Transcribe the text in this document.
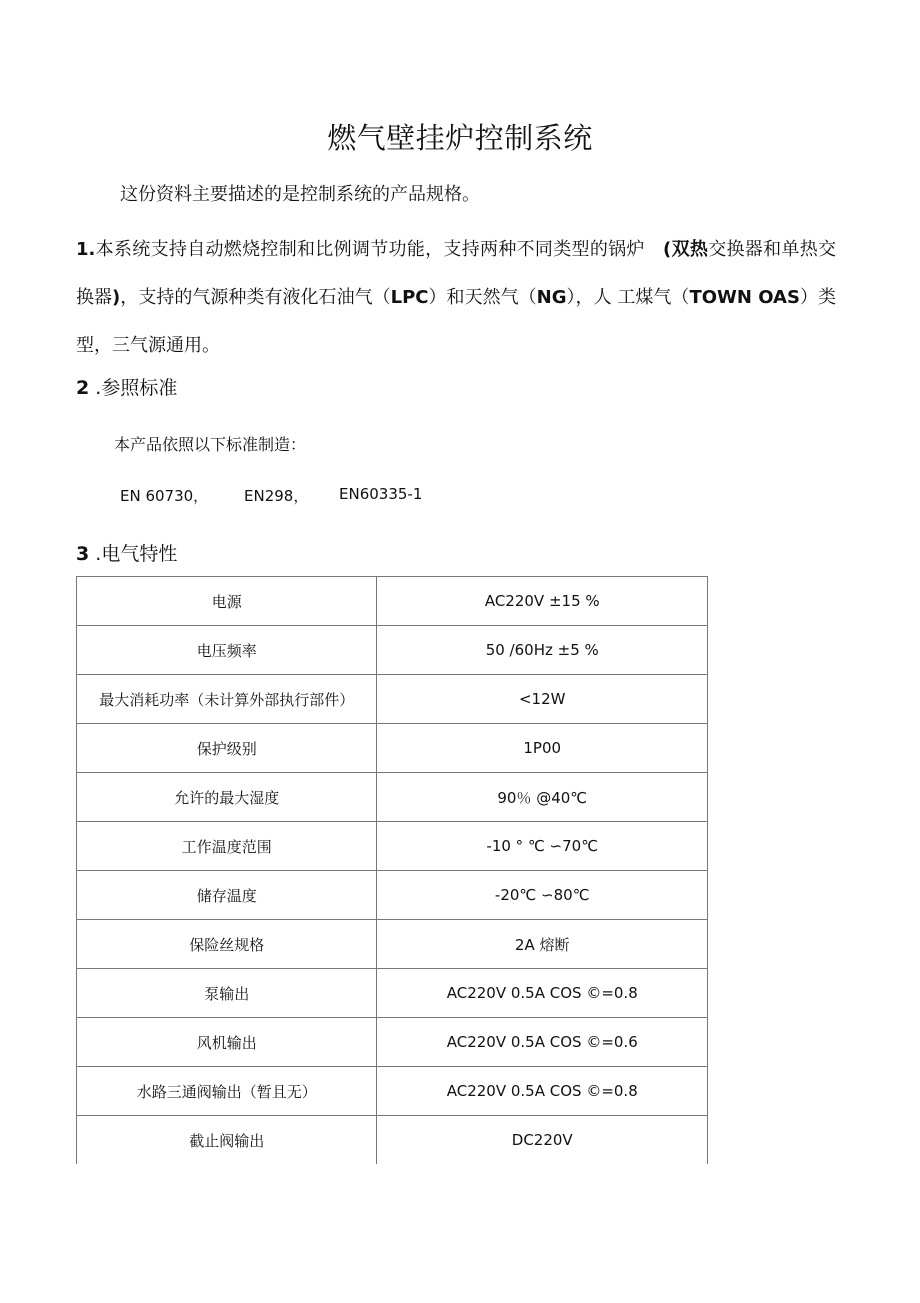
燃气壁挂炉控制系统

这份资料主要描述的是控制系统的产品规格。

1.本系统支持自动燃烧控制和比例调节功能，支持两种不同类型的锅炉　(双热交换器和单热交换器)，支持的气源种类有液化石油气（LPC）和天然气（NG），人 工煤气（TOWN OAS）类型，三气源通用。

2 .参照标准

本产品依照以下标准制造：

EN 60730，	EN298，	EN60335-1

3 .电气特性
电源	AC220V ±15 %
电压频率	50 /60Hz ±5 %
最大消耗功率（未计算外部执行部件）	<12W
保护级别	1P00
允许的最大湿度	90％ @40℃
工作温度范围	-10 ° ℃ ∽70℃
储存温度	-20℃ ∽80℃
保险丝规格	2A 熔断
泵输出	AC220V 0.5A COS ©=0.8
风机输出	AC220V 0.5A COS ©=0.6
水路三通阀输出（暂且无）	AC220V 0.5A COS ©=0.8
截止阀输出	DC220V
